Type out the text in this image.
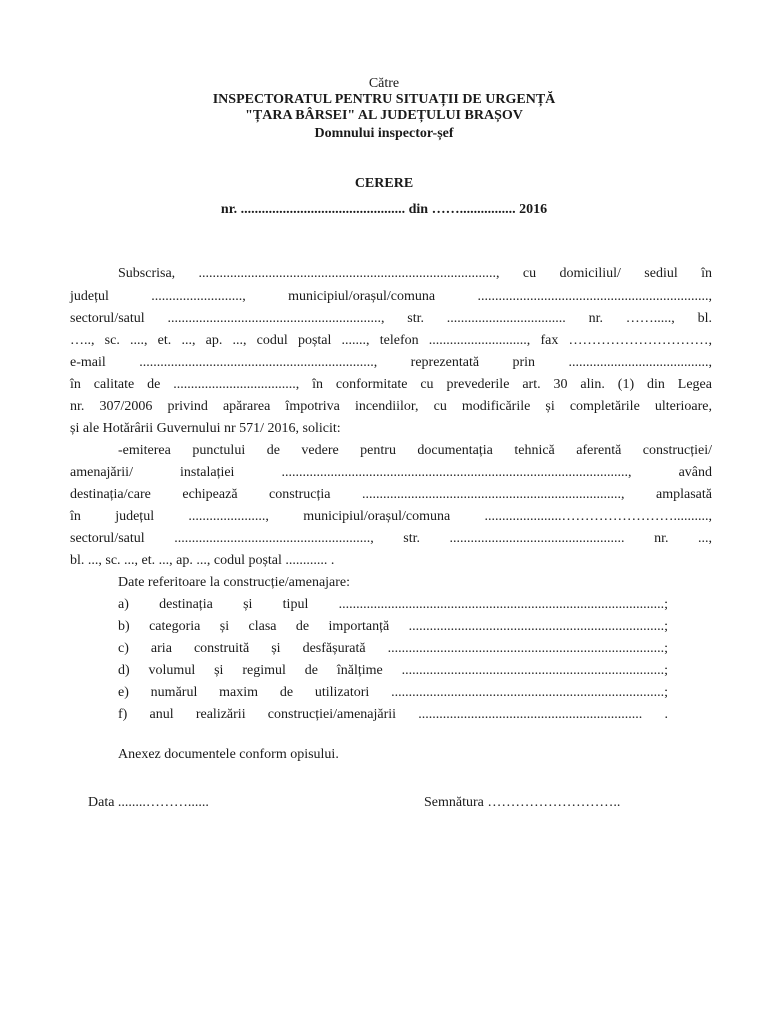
Către
INSPECTORATUL PENTRU SITUAȚII DE URGENȚĂ
"ȚARA BÂRSEI" AL JUDEȚULUI BRAȘOV
Domnului inspector-șef
CERERE
nr. ............................................... din ……................ 2016
Subscrisa, ....................................................................................., cu domiciliul/ sediul în
județul .........................., municipiul/orașul/comuna ..................................................................,
sectorul/satul ............................................................., str. .................................. nr. ……....., bl.
….., sc. ...., et. ..., ap. ..., codul poștal ......., telefon ............................, fax …………………………,
e-mail ..................................................................., reprezentată prin ........................................,
în calitate de ..................................., în conformitate cu prevederile art. 30 alin. (1) din Legea
nr. 307/2006 privind apărarea împotriva incendiilor, cu modificările și completările ulterioare,
și ale Hotărârii Guvernului nr 571/ 2016, solicit:
-emiterea punctului de vedere pentru documentația tehnică aferentă construcției/
amenajării/ instalației ..................................................................................................., având
destinația/care echipează construcția .........................................................................., amplasată
în județul ......................, municipiul/orașul/comuna ......................……………………..........,
sectorul/satul ........................................................, str. .................................................. nr. ...,
bl. ..., sc. ..., et. ..., ap. ..., codul poștal ............ .
Date referitoare la construcție/amenajare:
a) destinația și tipul .............................................................................................;
b) categoria și clasa de importanță .........................................................................;
c) aria construită și desfășurată ...............................................................................;
d) volumul și regimul de înălțime ...........................................................................;
e) numărul maxim de utilizatori ..............................................................................;
f) anul realizării construcției/amenajării ................................................................ .
Anexez documentele conform opisului.
Data ........………......	Semnătura ………………………..
